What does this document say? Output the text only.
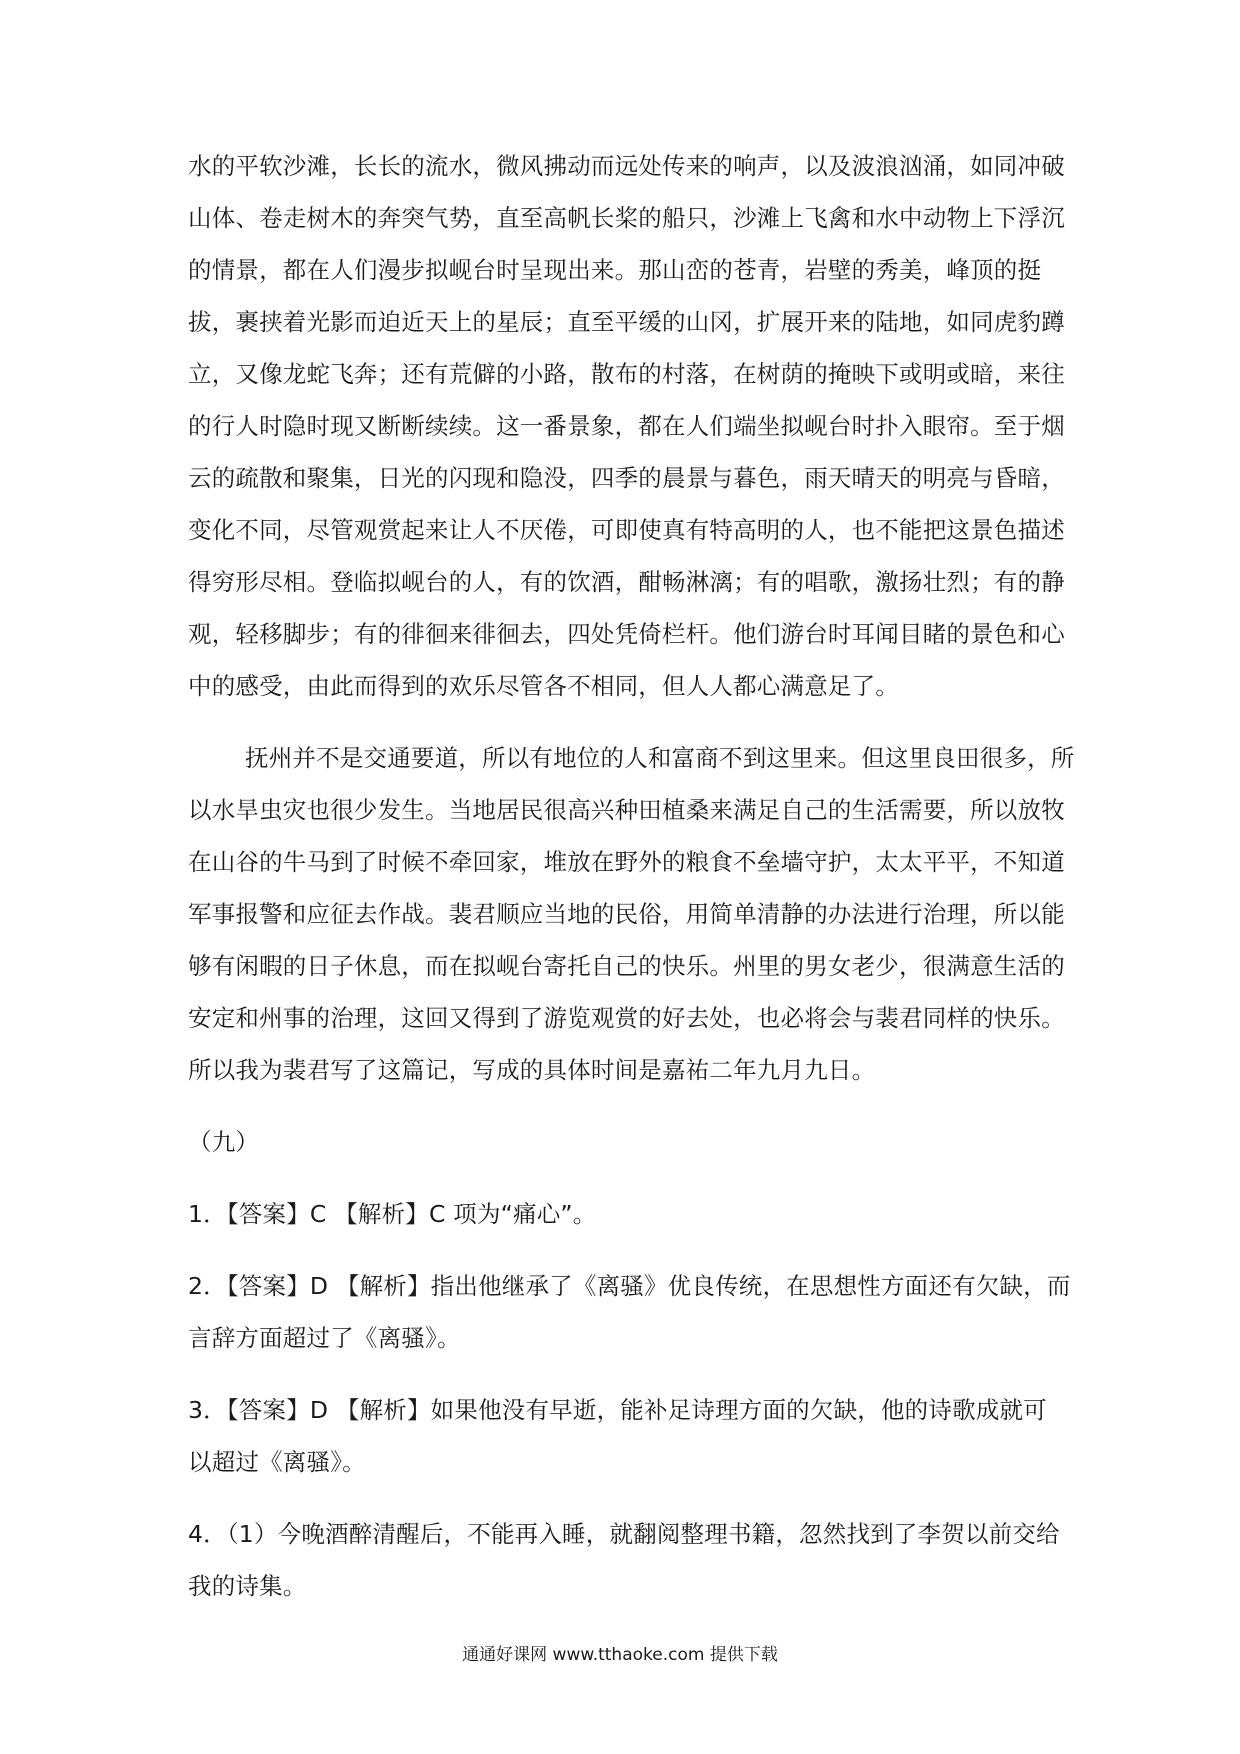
水的平软沙滩，长长的流水，微风拂动而远处传来的响声，以及波浪汹涌，如同冲破
山体、卷走树木的奔突气势，直至高帆长桨的船只，沙滩上飞禽和水中动物上下浮沉
的情景，都在人们漫步拟岘台时呈现出来。那山峦的苍青，岩壁的秀美，峰顶的挺
拔，裹挟着光影而迫近天上的星辰；直至平缓的山冈，扩展开来的陆地，如同虎豹蹲
立，又像龙蛇飞奔；还有荒僻的小路，散布的村落，在树荫的掩映下或明或暗，来往
的行人时隐时现又断断续续。这一番景象，都在人们端坐拟岘台时扑入眼帘。至于烟
云的疏散和聚集，日光的闪现和隐没，四季的晨景与暮色，雨天晴天的明亮与昏暗，
变化不同，尽管观赏起来让人不厌倦，可即使真有特高明的人，也不能把这景色描述
得穷形尽相。登临拟岘台的人，有的饮酒，酣畅淋漓；有的唱歌，激扬壮烈；有的静
观，轻移脚步；有的徘徊来徘徊去，四处凭倚栏杆。他们游台时耳闻目睹的景色和心
中的感受，由此而得到的欢乐尽管各不相同，但人人都心满意足了。
抚州并不是交通要道，所以有地位的人和富商不到这里来。但这里良田很多，所
以水旱虫灾也很少发生。当地居民很高兴种田植桑来满足自己的生活需要，所以放牧
在山谷的牛马到了时候不牵回家，堆放在野外的粮食不垒墙守护，太太平平，不知道
军事报警和应征去作战。裴君顺应当地的民俗，用简单清静的办法进行治理，所以能
够有闲暇的日子休息，而在拟岘台寄托自己的快乐。州里的男女老少，很满意生活的
安定和州事的治理，这回又得到了游览观赏的好去处，也必将会与裴君同样的快乐。
所以我为裴君写了这篇记，写成的具体时间是嘉祐二年九月九日。
（九）
1．【答案】C 【解析】C 项为“痛心”。
2．【答案】D 【解析】指出他继承了《离骚》优良传统，在思想性方面还有欠缺，而
言辞方面超过了《离骚》。
3．【答案】D 【解析】如果他没有早逝，能补足诗理方面的欠缺，他的诗歌成就可
以超过《离骚》。
4．（1）今晚酒醉清醒后，不能再入睡，就翻阅整理书籍，忽然找到了李贺以前交给
我的诗集。
通通好课网 www.tthaoke.com 提供下载
